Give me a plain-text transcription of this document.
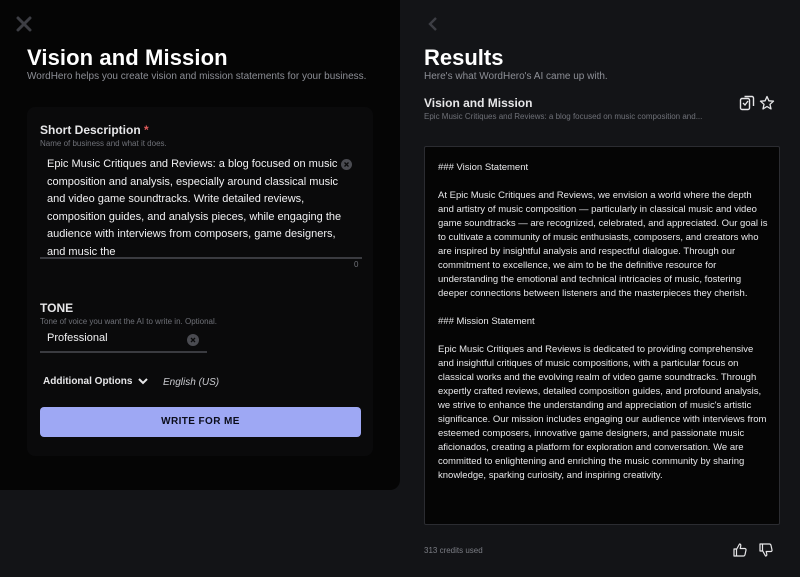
Vision and Mission
WordHero helps you create vision and mission statements for your business.
Short Description *
Name of business and what it does.
Epic Music Critiques and Reviews: a blog focused on music composition and analysis, especially around classical music and video game soundtracks. Write detailed reviews, composition guides, and analysis pieces, while engaging the audience with interviews from composers, game designers, and music the
0
TONE
Tone of voice you want the AI to write in. Optional.
Professional
Additional Options	English (US)
WRITE FOR ME
Results
Here's what WordHero's AI came up with.
Vision and Mission
Epic Music Critiques and Reviews: a blog focused on music composition and...

### Vision Statement

At Epic Music Critiques and Reviews, we envision a world where the depth and artistry of music composition — particularly in classical music and video game soundtracks — are recognized, celebrated, and appreciated. Our goal is to cultivate a community of music enthusiasts, composers, and creators who are inspired by insightful analysis and respectful dialogue. Through our commitment to excellence, we aim to be the definitive resource for understanding the emotional and technical intricacies of music, fostering deeper connections between listeners and the masterpieces they cherish.

### Mission Statement

Epic Music Critiques and Reviews is dedicated to providing comprehensive and insightful critiques of music compositions, with a particular focus on classical works and the evolving realm of video game soundtracks. Through expertly crafted reviews, detailed composition guides, and profound analysis, we strive to enhance the understanding and appreciation of music's artistic significance. Our mission includes engaging our audience with interviews from esteemed composers, innovative game designers, and passionate music aficionados, creating a platform for exploration and conversation. We are committed to enlightening and enriching the music community by sharing knowledge, sparking curiosity, and inspiring creativity.

313 credits used
